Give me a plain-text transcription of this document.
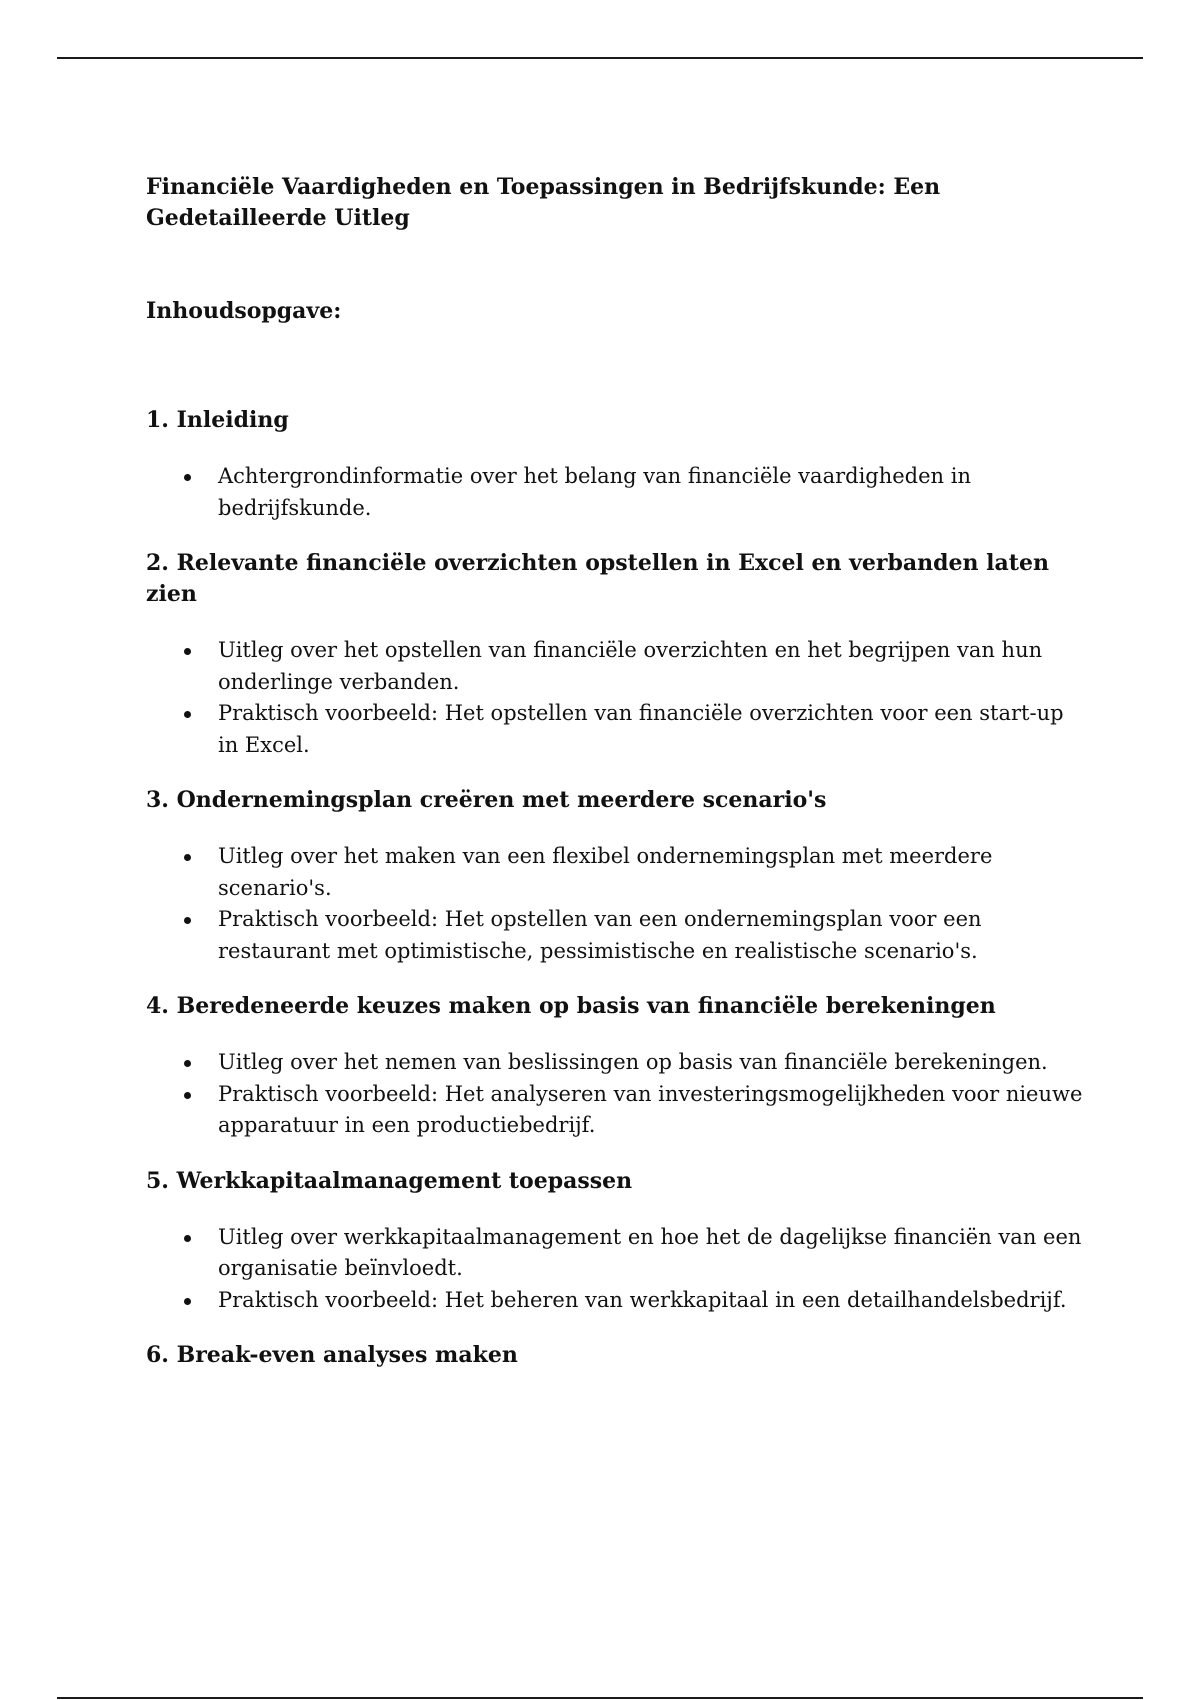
Financiële Vaardigheden en Toepassingen in Bedrijfskunde: Een Gedetailleerde Uitleg
Inhoudsopgave:
1. Inleiding
Achtergrondinformatie over het belang van financiële vaardigheden in bedrijfskunde.
2. Relevante financiële overzichten opstellen in Excel en verbanden laten zien
Uitleg over het opstellen van financiële overzichten en het begrijpen van hun onderlinge verbanden.
Praktisch voorbeeld: Het opstellen van financiële overzichten voor een start-up in Excel.
3. Ondernemingsplan creëren met meerdere scenario's
Uitleg over het maken van een flexibel ondernemingsplan met meerdere scenario's.
Praktisch voorbeeld: Het opstellen van een ondernemingsplan voor een restaurant met optimistische, pessimistische en realistische scenario's.
4. Beredeneerde keuzes maken op basis van financiële berekeningen
Uitleg over het nemen van beslissingen op basis van financiële berekeningen.
Praktisch voorbeeld: Het analyseren van investeringsmogelijkheden voor nieuwe apparatuur in een productiebedrijf.
5. Werkkapitaalmanagement toepassen
Uitleg over werkkapitaalmanagement en hoe het de dagelijkse financiën van een organisatie beïnvloedt.
Praktisch voorbeeld: Het beheren van werkkapitaal in een detailhandelsbedrijf.
6. Break-even analyses maken
